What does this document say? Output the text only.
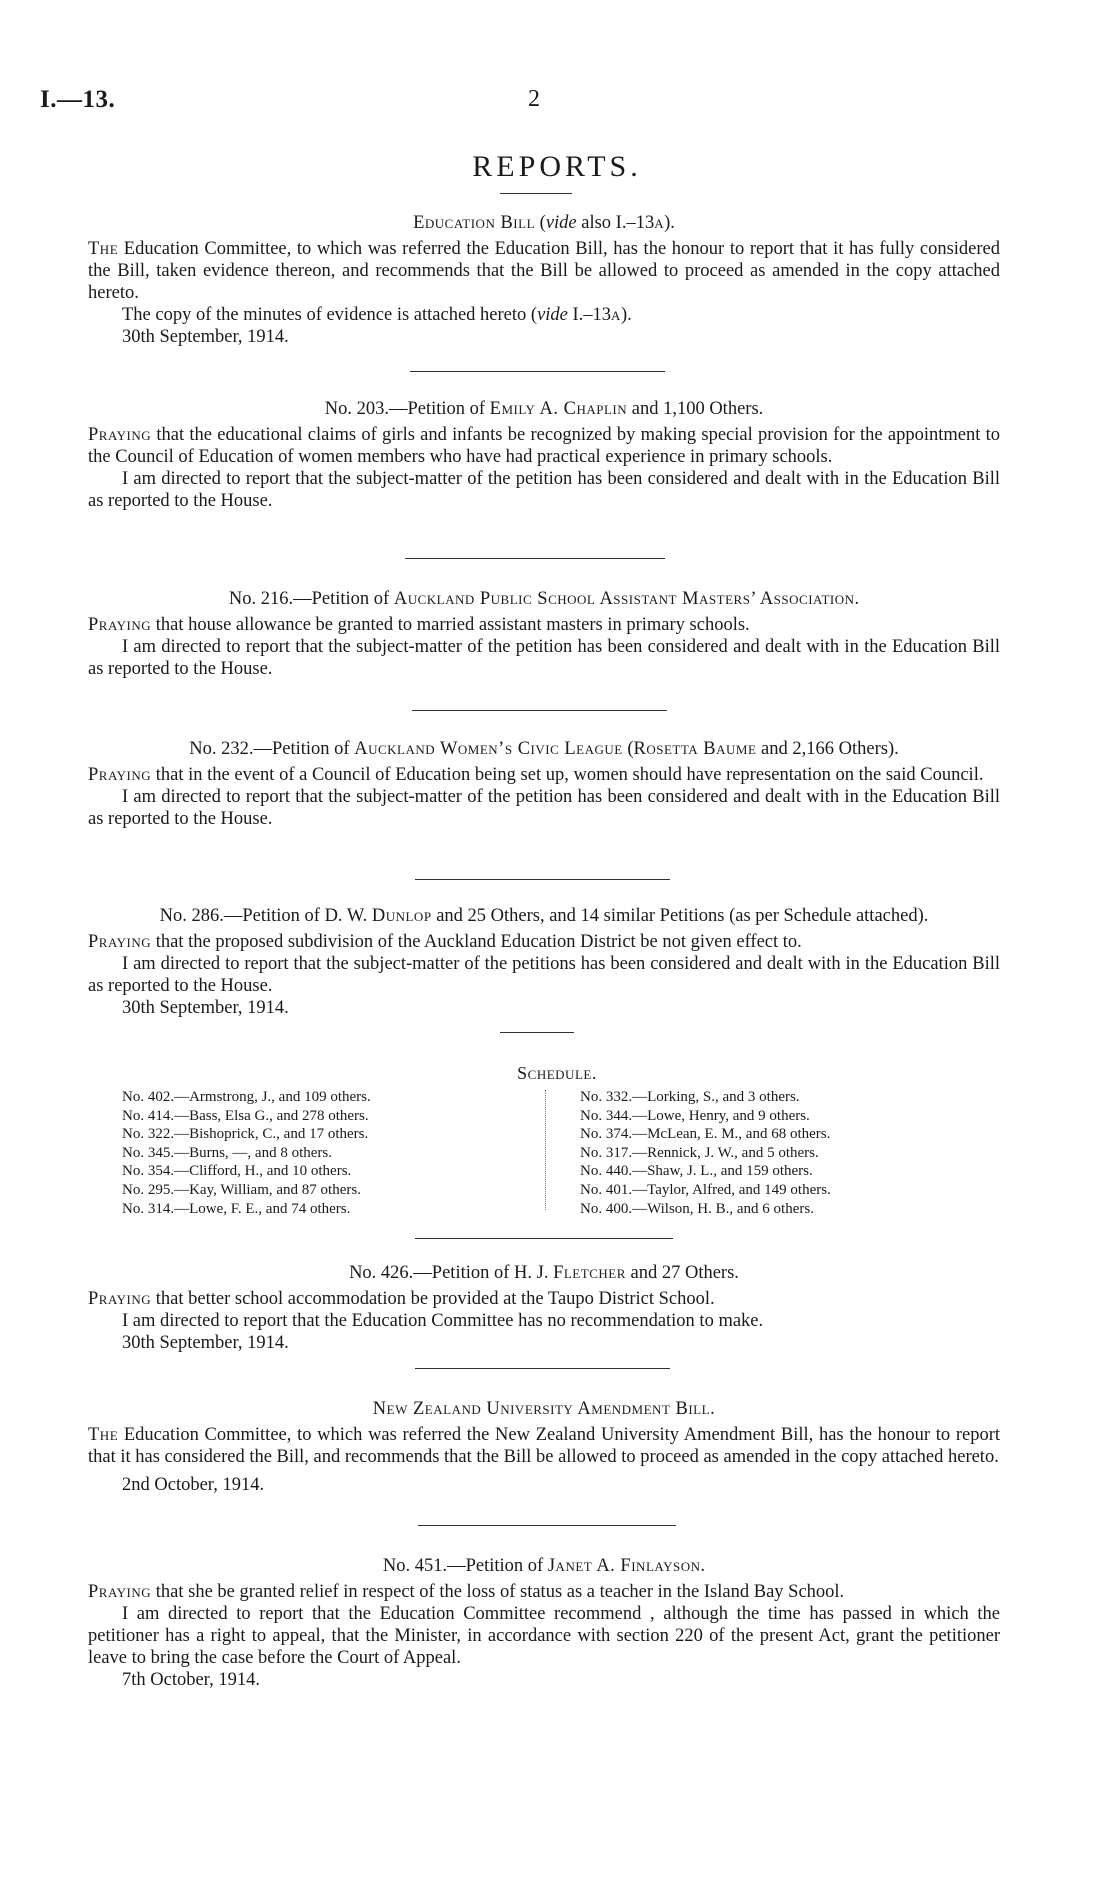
I.—13.	2
REPORTS.
Education Bill (vide also I.–13a).
The Education Committee, to which was referred the Education Bill, has the honour to report that it has fully considered the Bill, taken evidence thereon, and recommends that the Bill be allowed to proceed as amended in the copy attached hereto.
The copy of the minutes of evidence is attached hereto (vide I.–13a).
30th September, 1914.
No. 203.—Petition of Emily A. Chaplin and 1,100 Others.
Praying that the educational claims of girls and infants be recognized by making special provision for the appointment to the Council of Education of women members who have had practical experience in primary schools.
I am directed to report that the subject-matter of the petition has been considered and dealt with in the Education Bill as reported to the House.
No. 216.—Petition of Auckland Public School Assistant Masters’ Association.
Praying that house allowance be granted to married assistant masters in primary schools.
I am directed to report that the subject-matter of the petition has been considered and dealt with in the Education Bill as reported to the House.
No. 232.—Petition of Auckland Women’s Civic League (Rosetta Baume and 2,166 Others).
Praying that in the event of a Council of Education being set up, women should have representation on the said Council.
I am directed to report that the subject-matter of the petition has been considered and dealt with in the Education Bill as reported to the House.
No. 286.—Petition of D. W. Dunlop and 25 Others, and 14 similar Petitions (as per Schedule attached).
Praying that the proposed subdivision of the Auckland Education District be not given effect to.
I am directed to report that the subject-matter of the petitions has been considered and dealt with in the Education Bill as reported to the House.
30th September, 1914.
Schedule.
No. 402.—Armstrong, J., and 109 others.
No. 414.—Bass, Elsa G., and 278 others.
No. 322.—Bishoprick, C., and 17 others.
No. 345.—Burns, —, and 8 others.
No. 354.—Clifford, H., and 10 others.
No. 295.—Kay, William, and 87 others.
No. 314.—Lowe, F. E., and 74 others.
No. 332.—Lorking, S., and 3 others.
No. 344.—Lowe, Henry, and 9 others.
No. 374.—McLean, E. M., and 68 others.
No. 317.—Rennick, J. W., and 5 others.
No. 440.—Shaw, J. L., and 159 others.
No. 401.—Taylor, Alfred, and 149 others.
No. 400.—Wilson, H. B., and 6 others.
No. 426.—Petition of H. J. Fletcher and 27 Others.
Praying that better school accommodation be provided at the Taupo District School.
I am directed to report that the Education Committee has no recommendation to make.
30th September, 1914.
New Zealand University Amendment Bill.
The Education Committee, to which was referred the New Zealand University Amendment Bill, has the honour to report that it has considered the Bill, and recommends that the Bill be allowed to proceed as amended in the copy attached hereto.
2nd October, 1914.
No. 451.—Petition of Janet A. Finlayson.
Praying that she be granted relief in respect of the loss of status as a teacher in the Island Bay School.
I am directed to report that the Education Committee recommend , although the time has passed in which the petitioner has a right to appeal, that the Minister, in accordance with section 220 of the present Act, grant the petitioner leave to bring the case before the Court of Appeal.
7th October, 1914.
